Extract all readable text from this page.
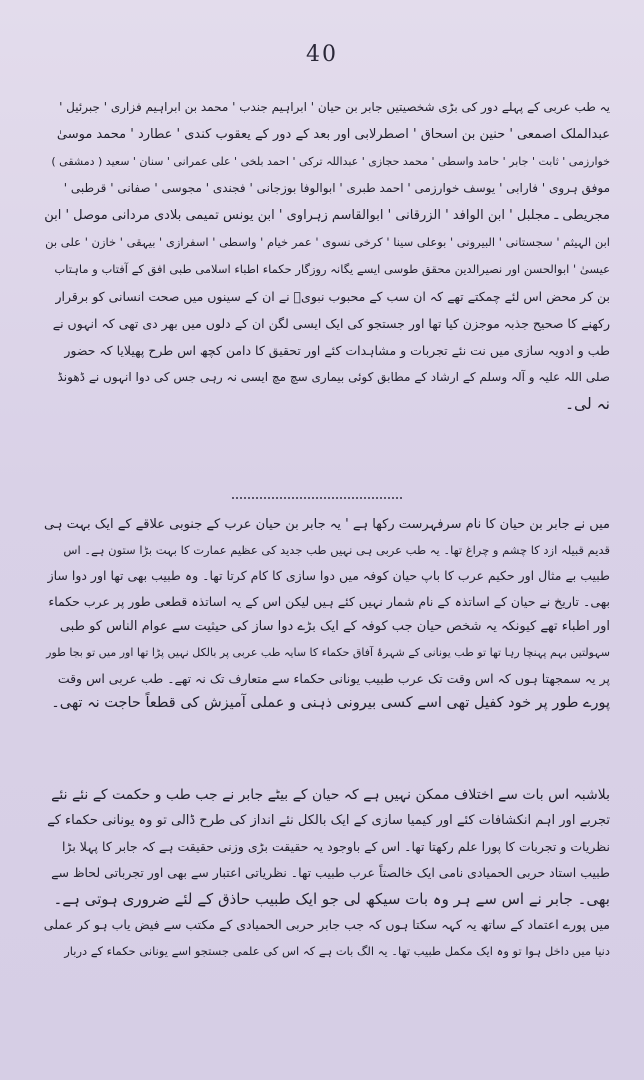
40
یہ طب عربی کے پہلے دور کی بڑی شخصیتیں جابر بن حیان ' ابراہیم جندب ' محمد بن ابراہیم فزاری ' جبرئیل '
عبدالملک اصمعی ' حنین بن اسحاق ' اصطرلابی اور بعد کے دور کے یعقوب کندی ' عطارد ' محمد موسیٰ
خوارزمی ' ثابت ' جابر ' حامد واسطی ' محمد حجازی ' عبداللہ ترکی ' احمد بلخی ' علی عمرانی ' سنان ' سعید ( دمشقی )
موفق ہروی ' فارابی ' یوسف خوارزمی ' احمد طبری ' ابوالوفا بوزجانی ' فجندی ' مجوسی ' صفانی ' قرطبی '
مجریطی ـ مجلبل ' ابن الوافد ' الزرقانی ' ابوالقاسم زہراوی ' ابن یونس تمیمی بلادی مردانی موصل ' ابن
ابن الہیثم ' سجستانی ' البیرونی ' بوعلی سینا ' کرخی نسوی ' عمر خیام ' واسطی ' اسفرازی ' بیہقی ' خازن ' علی بن
عیسیٰ ' ابوالحسن اور نصیرالدین محقق طوسی ایسے یگانہ روزگار حکماء اطباء اسلامی طبی افق کے آفتاب و ماہتاب
بن کر محض اس لئے چمکتے تھے کہ ان سب کے محبوب نبویؐ نے ان کے سینوں میں صحت انسانی کو برقرار
رکھنے کا صحیح جذبہ موجزن کیا تھا اور جستجو کی ایک ایسی لگن ان کے دلوں میں بھر دی تھی کہ انہوں نے
طب و ادویہ سازی میں نت نئے تجربات و مشاہدات کئے اور تحقیق کا دامن کچھ اس طرح پھیلایا کہ حضور
صلی اللہ علیہ و آلہ وسلم کے ارشاد کے مطابق کوئی بیماری سچ مچ ایسی نہ رہی جس کی دوا انہوں نے ڈھونڈ
نہ لی۔
میں نے جابر بن حیان کا نام سرفہرست رکھا ہے ' یہ جابر بن حیان عرب کے جنوبی علاقے کے ایک بہت ہی
قدیم قبیلہ ازد کا چشم و چراغ تھا۔ یہ طب عربی ہی نہیں طب جدید کی عظیم عمارت کا بہت بڑا ستون ہے۔ اس
طبیب بے مثال اور حکیم عرب کا باپ حیان کوفہ میں دوا سازی کا کام کرتا تھا۔ وہ طبیب بھی تھا اور دوا ساز
بھی۔ تاریخ نے حیان کے اساتذہ کے نام شمار نہیں کئے ہیں لیکن اس کے یہ اساتذہ قطعی طور پر عرب حکماء
اور اطباء تھے کیونکہ یہ شخص حیان جب کوفہ کے ایک بڑے دوا ساز کی حیثیت سے عوام الناس کو طبی
سہولتیں بہم پہنچا رہا تھا تو طب یونانی کے شہرۂ آفاق حکماء کا سایہ طب عربی پر بالکل نہیں پڑا تھا اور میں تو بجا طور
پر یہ سمجھتا ہوں کہ اس وقت تک عرب طبیب یونانی حکماء سے متعارف تک نہ تھے۔ طب عربی اس وقت
پورے طور پر خود کفیل تھی اسے کسی بیرونی ذہنی و عملی آمیزش کی قطعاً حاجت نہ تھی۔
بلاشبہ اس بات سے اختلاف ممکن نہیں ہے کہ حیان کے بیٹے جابر نے جب طب و حکمت کے نئے نئے
تجربے اور اہم انکشافات کئے اور کیمیا سازی کے ایک بالکل نئے انداز کی طرح ڈالی تو وہ یونانی حکماء کے
نظریات و تجربات کا پورا علم رکھتا تھا۔ اس کے باوجود یہ حقیقت بڑی وزنی حقیقت ہے کہ جابر کا پہلا بڑا
طبیب استاد حربی الحمیادی نامی ایک خالصتاً عرب طبیب تھا۔ نظریاتی اعتبار سے بھی اور تجرباتی لحاظ سے
بھی۔ جابر نے اس سے ہر وہ بات سیکھ لی جو ایک طبیب حاذق کے لئے ضروری ہوتی ہے۔
میں پورے اعتماد کے ساتھ یہ کہہ سکتا ہوں کہ جب جابر حربی الحمیادی کے مکتب سے فیض یاب ہو کر عملی
دنیا میں داخل ہوا تو وہ ایک مکمل طبیب تھا۔ یہ الگ بات ہے کہ اس کی علمی جستجو اسے یونانی حکماء کے دربار
